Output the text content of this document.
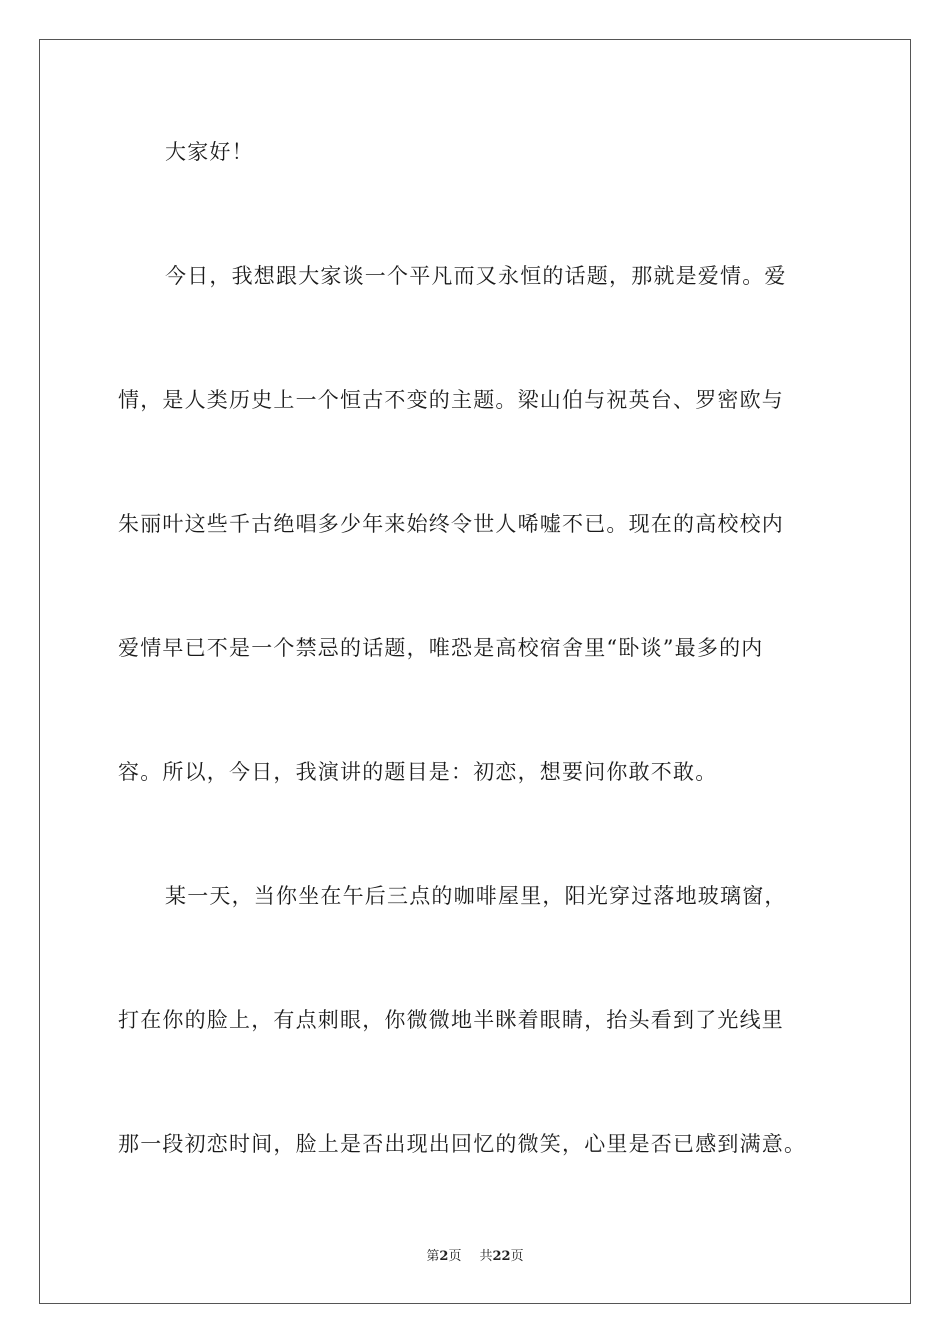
大家好！
今日，我想跟大家谈一个平凡而又永恒的话题，那就是爱情。爱
情，是人类历史上一个恒古不变的主题。梁山伯与祝英台、罗密欧与
朱丽叶这些千古绝唱多少年来始终令世人唏嘘不已。现在的高校校内
爱情早已不是一个禁忌的话题，唯恐是高校宿舍里“卧谈”最多的内
容。所以，今日，我演讲的题目是：初恋，想要问你敢不敢。
某一天，当你坐在午后三点的咖啡屋里，阳光穿过落地玻璃窗，
打在你的脸上，有点刺眼，你微微地半眯着眼睛，抬头看到了光线里
那一段初恋时间，脸上是否出现出回忆的微笑，心里是否已感到满意。
第2页 共22页
